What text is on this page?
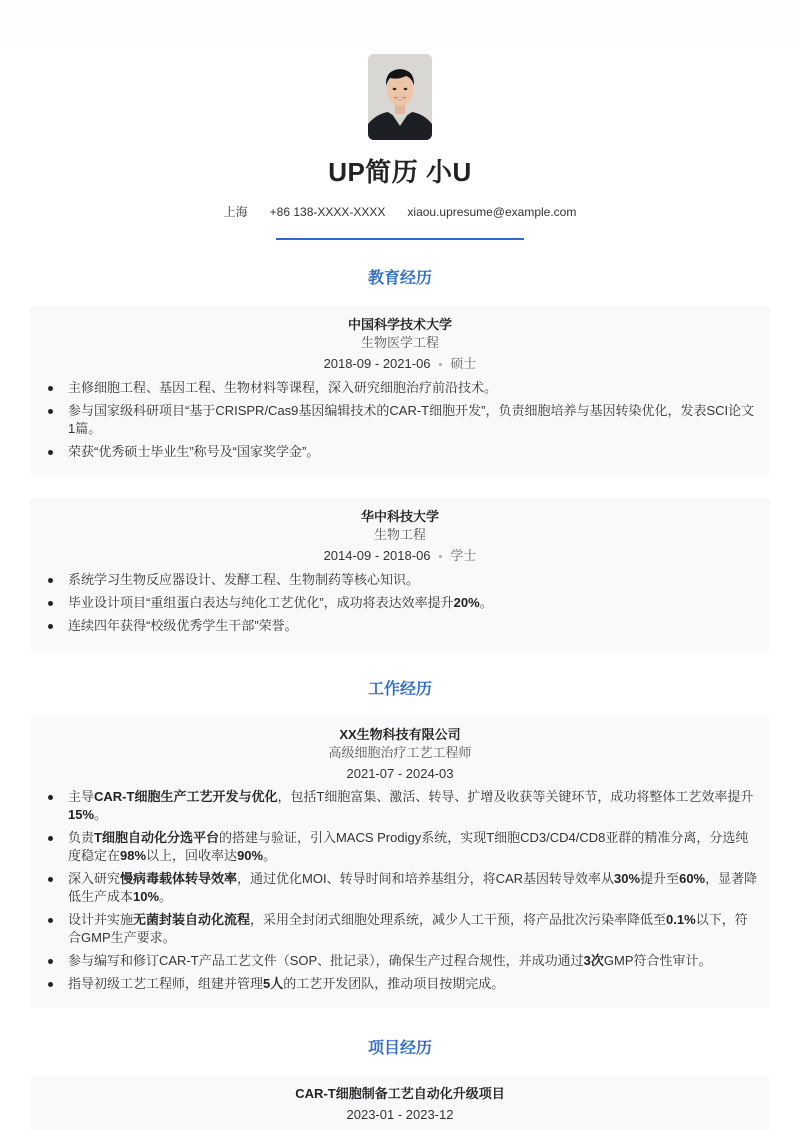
UP简历 小U
上海 +86 138-XXXX-XXXX xiaou.upresume@example.com
教育经历
中国科学技术大学
生物医学工程
2018-09 - 2021-06 • 硕士
主修细胞工程、基因工程、生物材料等课程，深入研究细胞治疗前沿技术。
参与国家级科研项目“基于CRISPR/Cas9基因编辑技术的CAR-T细胞开发”，负责细胞培养与基因转染优化，发表SCI论文1篇。
荣获“优秀硕士毕业生”称号及“国家奖学金”。
华中科技大学
生物工程
2014-09 - 2018-06 • 学士
系统学习生物反应器设计、发酵工程、生物制药等核心知识。
毕业设计项目“重组蛋白表达与纯化工艺优化”，成功将表达效率提升20%。
连续四年获得“校级优秀学生干部”荣誉。
工作经历
XX生物科技有限公司
高级细胞治疗工艺工程师
2021-07 - 2024-03
主导CAR-T细胞生产工艺开发与优化，包括T细胞富集、激活、转导、扩增及收获等关键环节，成功将整体工艺效率提升15%。
负责T细胞自动化分选平台的搭建与验证，引入MACS Prodigy系统，实现T细胞CD3/CD4/CD8亚群的精准分离，分选纯度稳定在98%以上，回收率达90%。
深入研究慢病毒载体转导效率，通过优化MOI、转导时间和培养基组分，将CAR基因转导效率从30%提升至60%，显著降低生产成本10%。
设计并实施无菌封装自动化流程，采用全封闭式细胞处理系统，减少人工干预，将产品批次污染率降低至0.1%以下，符合GMP生产要求。
参与编写和修订CAR-T产品工艺文件（SOP、批记录），确保生产过程合规性，并成功通过3次GMP符合性审计。
指导初级工艺工程师，组建并管理5人的工艺开发团队，推动项目按期完成。
项目经历
CAR-T细胞制备工艺自动化升级项目
2023-01 - 2023-12
